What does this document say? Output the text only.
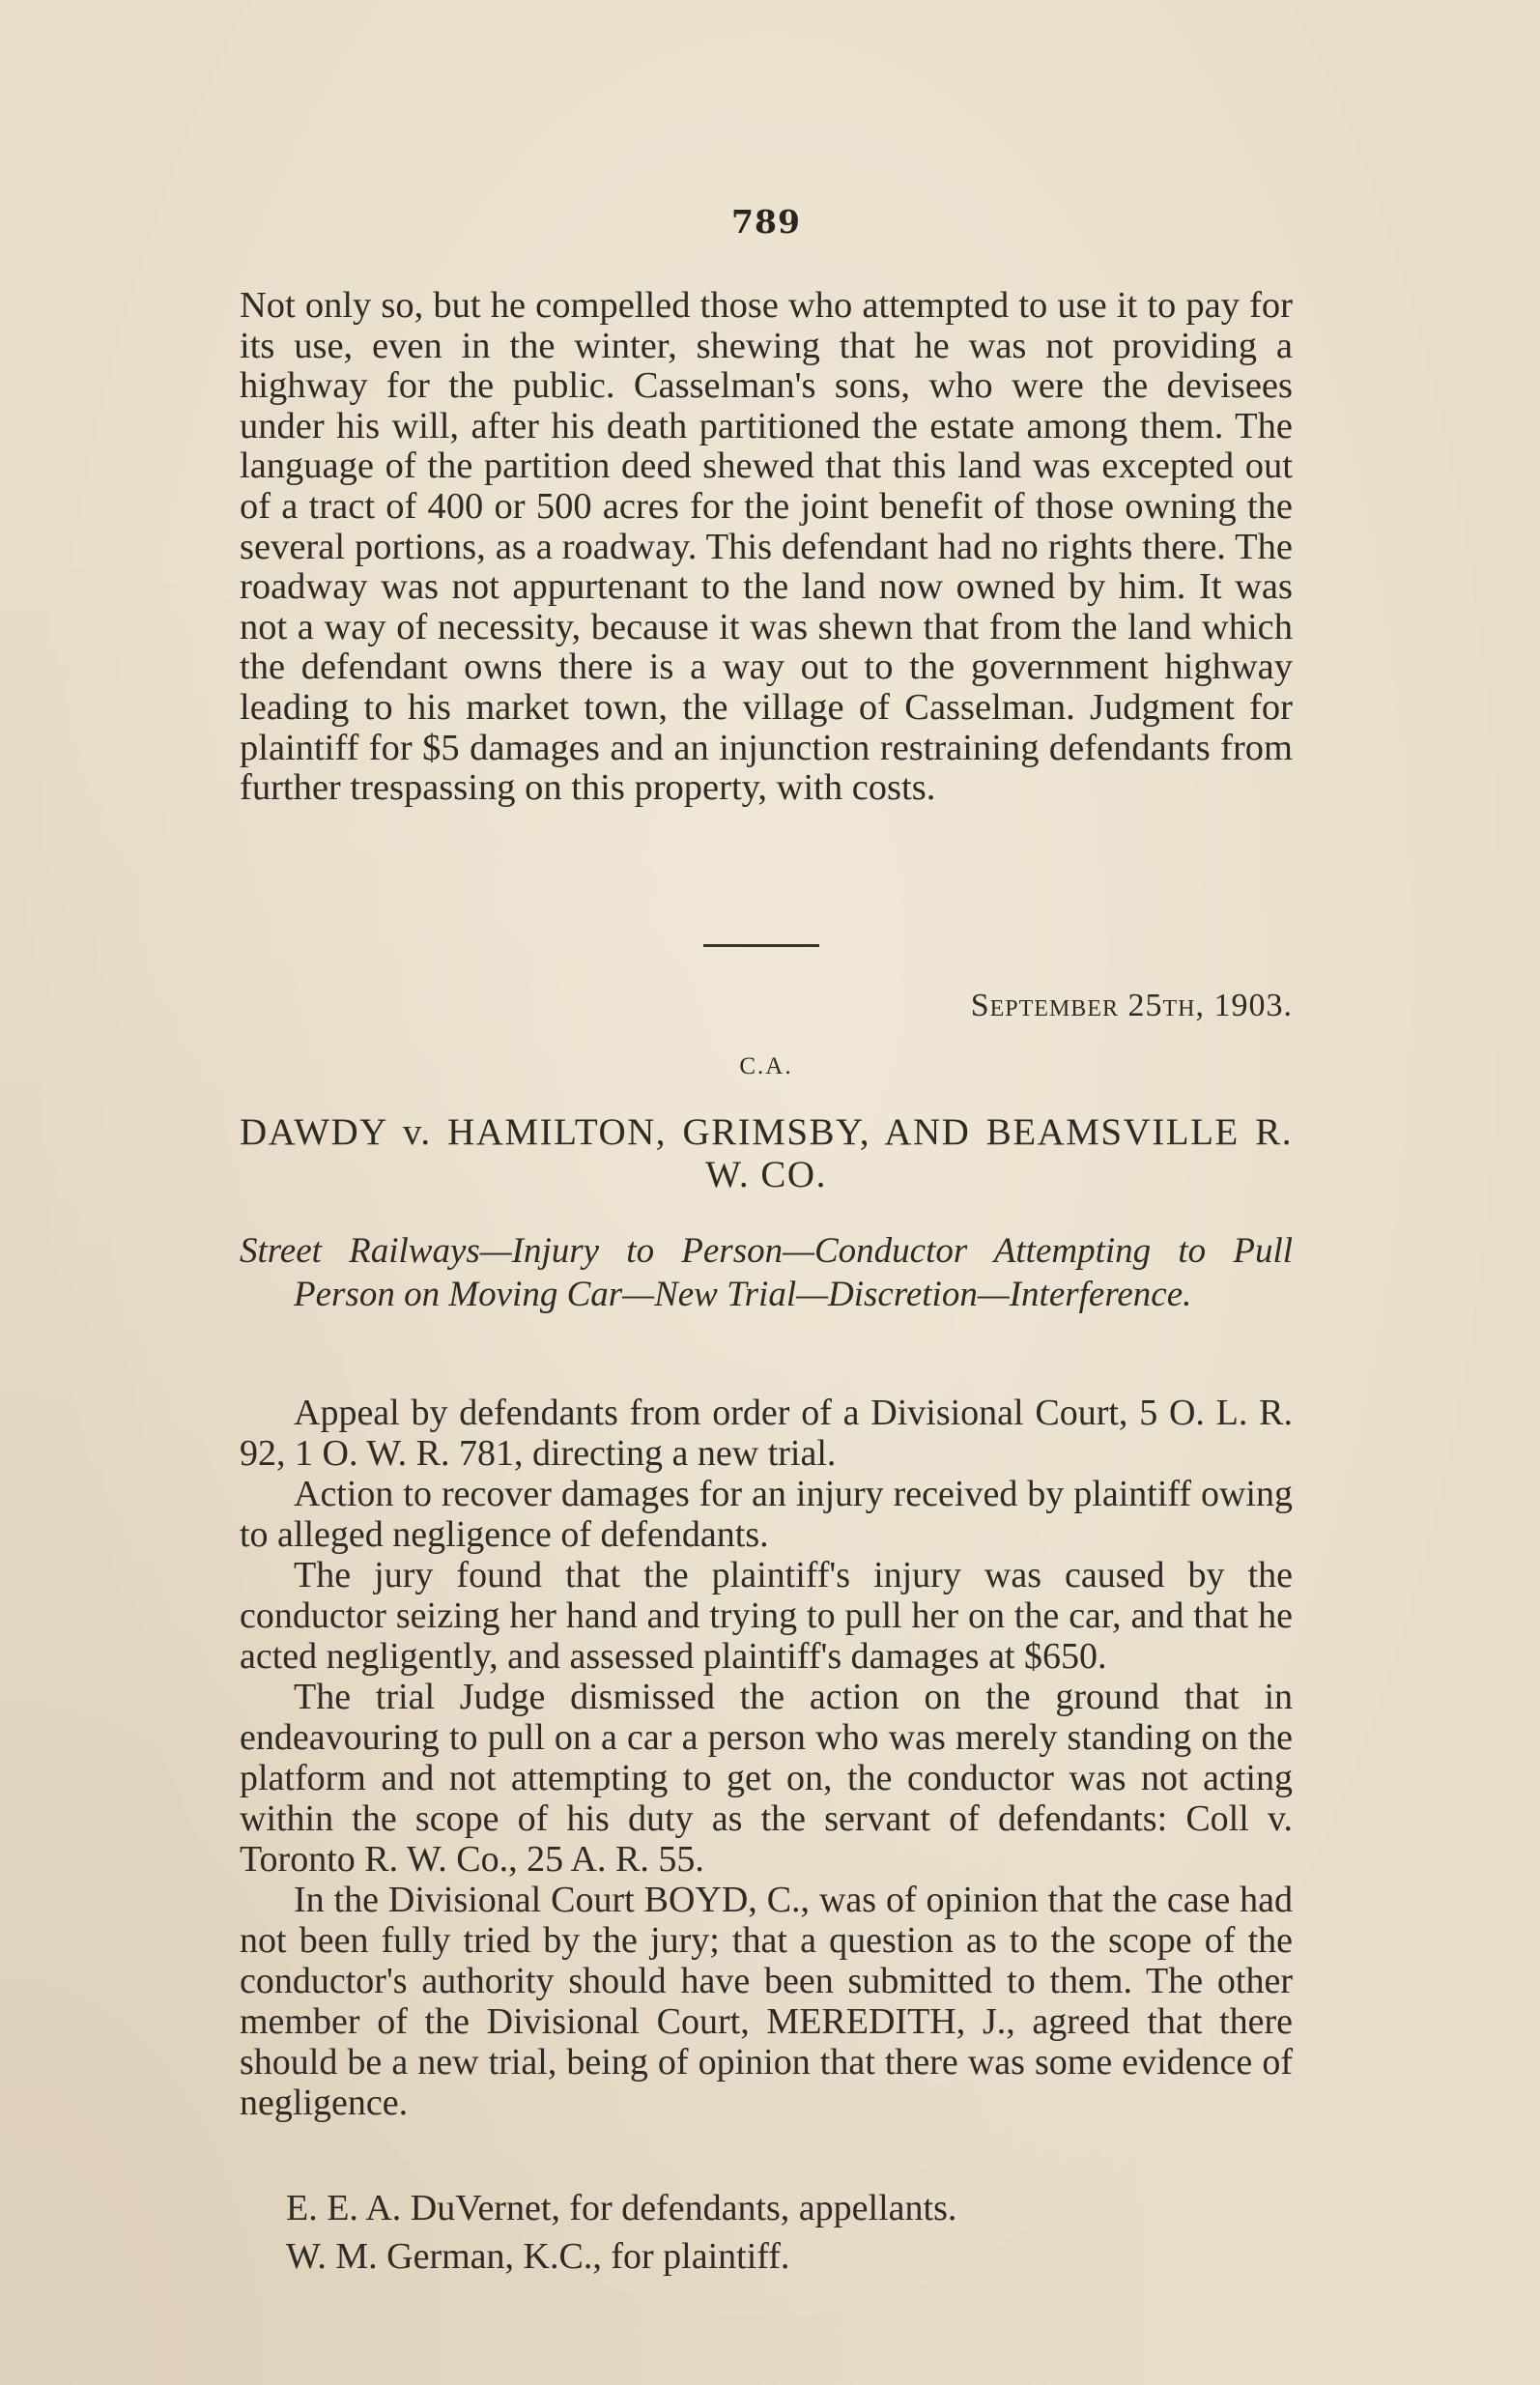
789

Not only so, but he compelled those who attempted to use it to pay for its use, even in the winter, shewing that he was not providing a highway for the public. Casselman's sons, who were the devisees under his will, after his death partitioned the estate among them. The language of the partition deed shewed that this land was excepted out of a tract of 400 or 500 acres for the joint benefit of those owning the several portions, as a roadway. This defendant had no rights there. The roadway was not appurtenant to the land now owned by him. It was not a way of necessity, because it was shewn that from the land which the defendant owns there is a way out to the government highway leading to his market town, the village of Casselman. Judgment for plaintiff for $5 damages and an injunction restraining defendants from further trespassing on this property, with costs.

September 25th, 1903.
C.A.
DAWDY v. HAMILTON, GRIMSBY, AND BEAMSVILLE R. W. CO.
Street Railways—Injury to Person—Conductor Attempting to Pull Person on Moving Car—New Trial—Discretion—Interference.

Appeal by defendants from order of a Divisional Court, 5 O. L. R. 92, 1 O. W. R. 781, directing a new trial.

Action to recover damages for an injury received by plaintiff owing to alleged negligence of defendants.

The jury found that the plaintiff's injury was caused by the conductor seizing her hand and trying to pull her on the car, and that he acted negligently, and assessed plaintiff's damages at $650.

The trial Judge dismissed the action on the ground that in endeavouring to pull on a car a person who was merely standing on the platform and not attempting to get on, the conductor was not acting within the scope of his duty as the servant of defendants: Coll v. Toronto R. W. Co., 25 A. R. 55.

In the Divisional Court BOYD, C., was of opinion that the case had not been fully tried by the jury; that a question as to the scope of the conductor's authority should have been submitted to them. The other member of the Divisional Court, MEREDITH, J., agreed that there should be a new trial, being of opinion that there was some evidence of negligence.

E. E. A. DuVernet, for defendants, appellants.

W. M. German, K.C., for plaintiff.
